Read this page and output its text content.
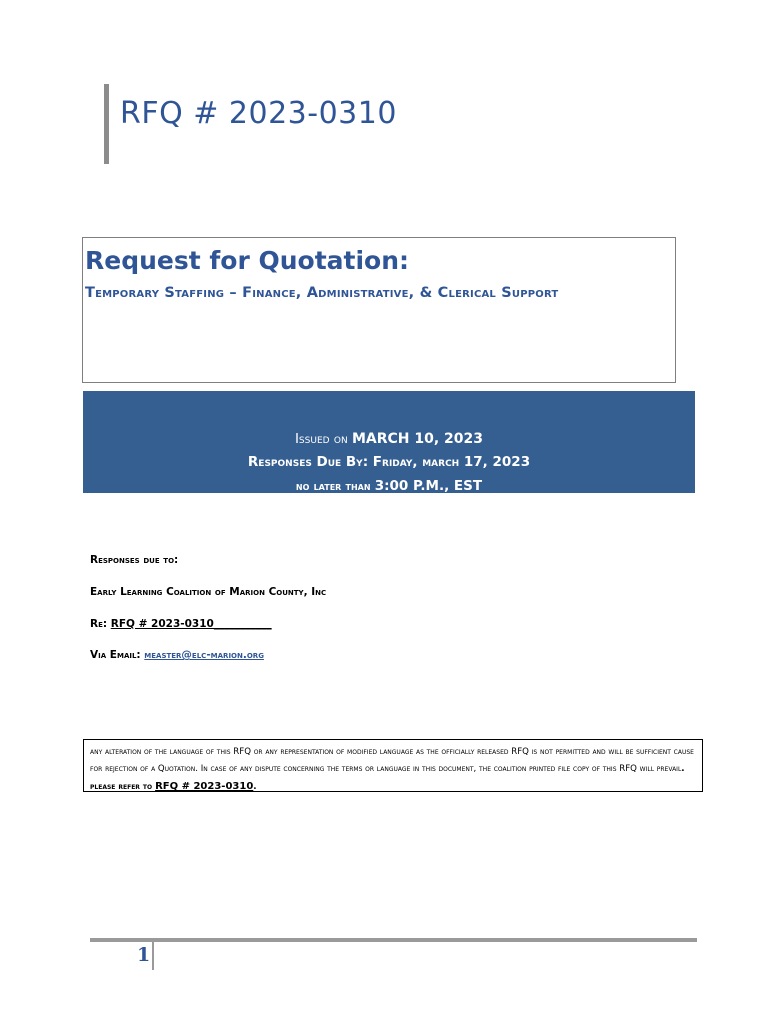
RFQ # 2023-0310
Request for Quotation:
Temporary Staffing – Finance, Administrative, & Clerical Support
Issued on MARCH 10, 2023
Responses Due By: Friday, march 17, 2023
no later than 3:00 P.M., EST
Responses due to:
Early Learning Coalition of Marion County, Inc
Re: RFQ # 2023-0310___________
Via Email: measter@elc-marion.org
any alteration of the language of this RFQ or any representation of modified language as the officially released RFQ is not permitted and will be sufficient cause for rejection of a Quotation. In case of any dispute concerning the terms or language in this document, the coalition printed file copy of this RFQ will prevail.  please refer to RFQ # 2023-0310.
1
